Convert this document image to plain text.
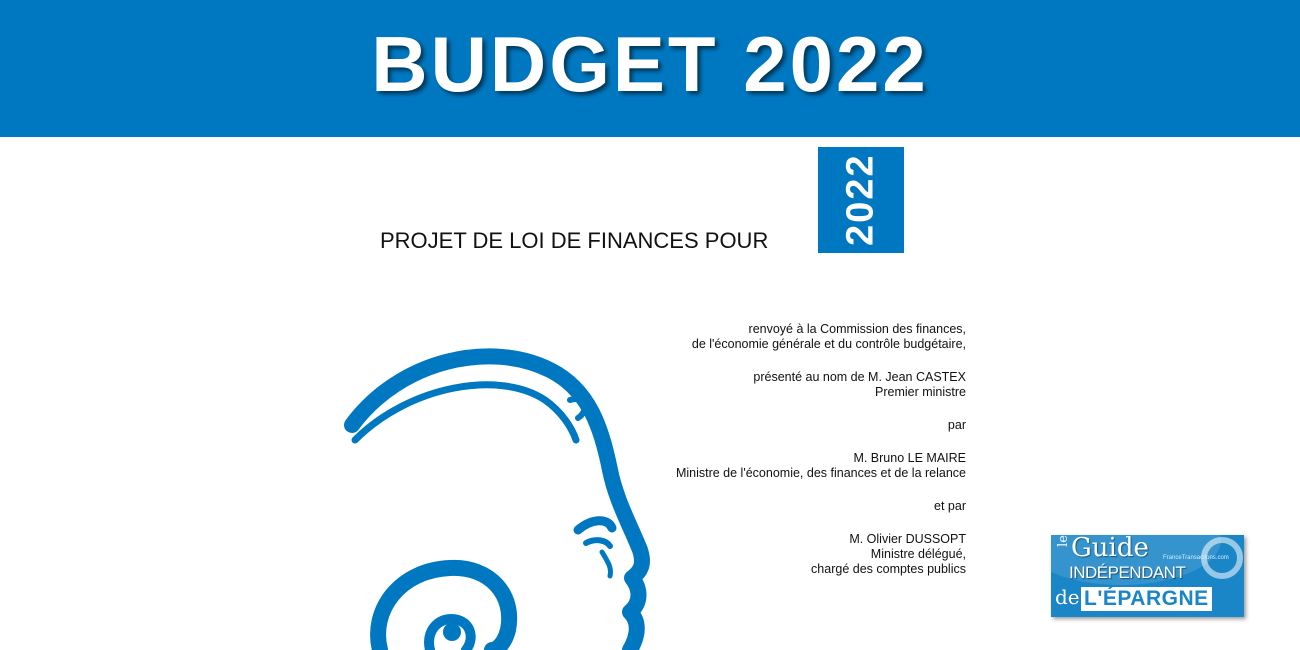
BUDGET 2022
PROJET DE LOI DE FINANCES POUR 2022
renvoyé à la Commission des finances,
de l'économie générale et du contrôle budgétaire,
présenté au nom de M. Jean CASTEX
Premier ministre
par
M. Bruno LE MAIRE
Ministre de l'économie, des finances et de la relance
et par
M. Olivier DUSSOPT
Ministre délégué,
chargé des comptes publics
le Guide FranceTransactions.com
INDÉPENDANT
de L'ÉPARGNE
